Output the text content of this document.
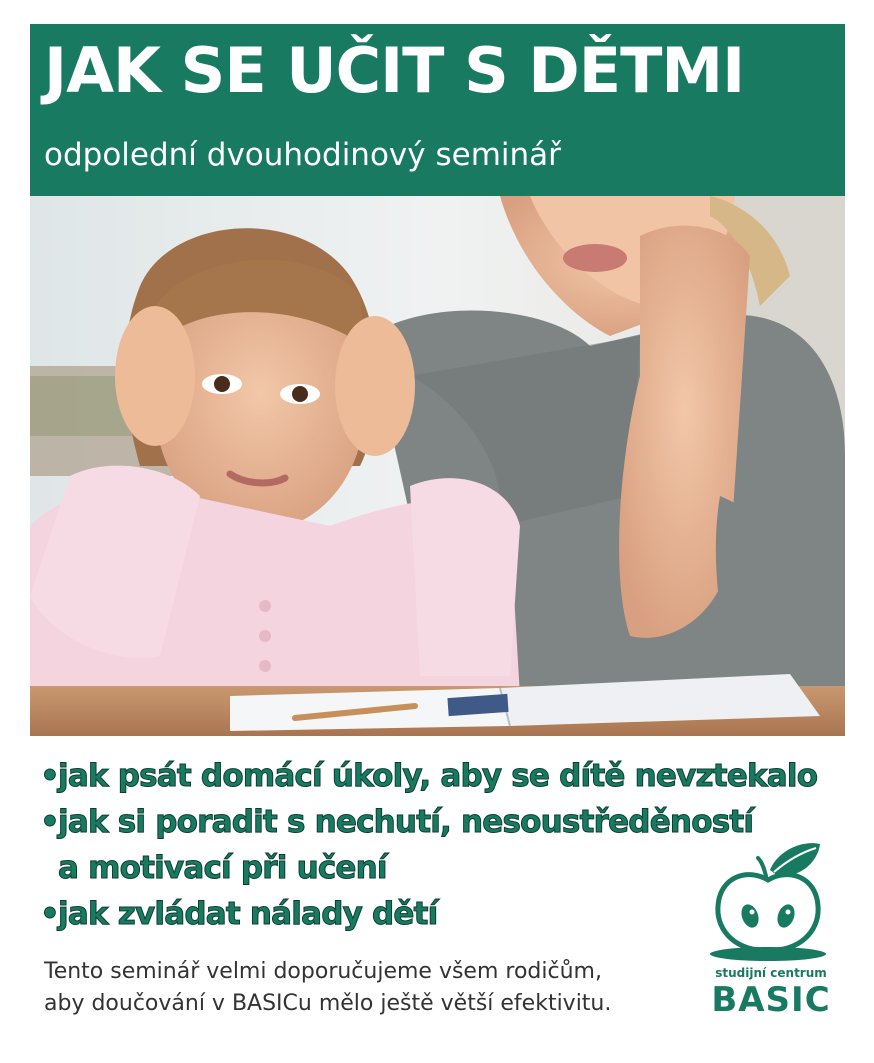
JAK SE UČIT S DĚTMI
odpolední dvouhodinový seminář
•jak psát domácí úkoly, aby se dítě nevztekalo
•jak si poradit s nechutí, nesoustředěností
a motivací při učení
•jak zvládat nálady dětí
Tento seminář velmi doporučujeme všem rodičům,
aby doučování v BASICu mělo ještě větší efektivitu.
studijní centrum
BASIC
